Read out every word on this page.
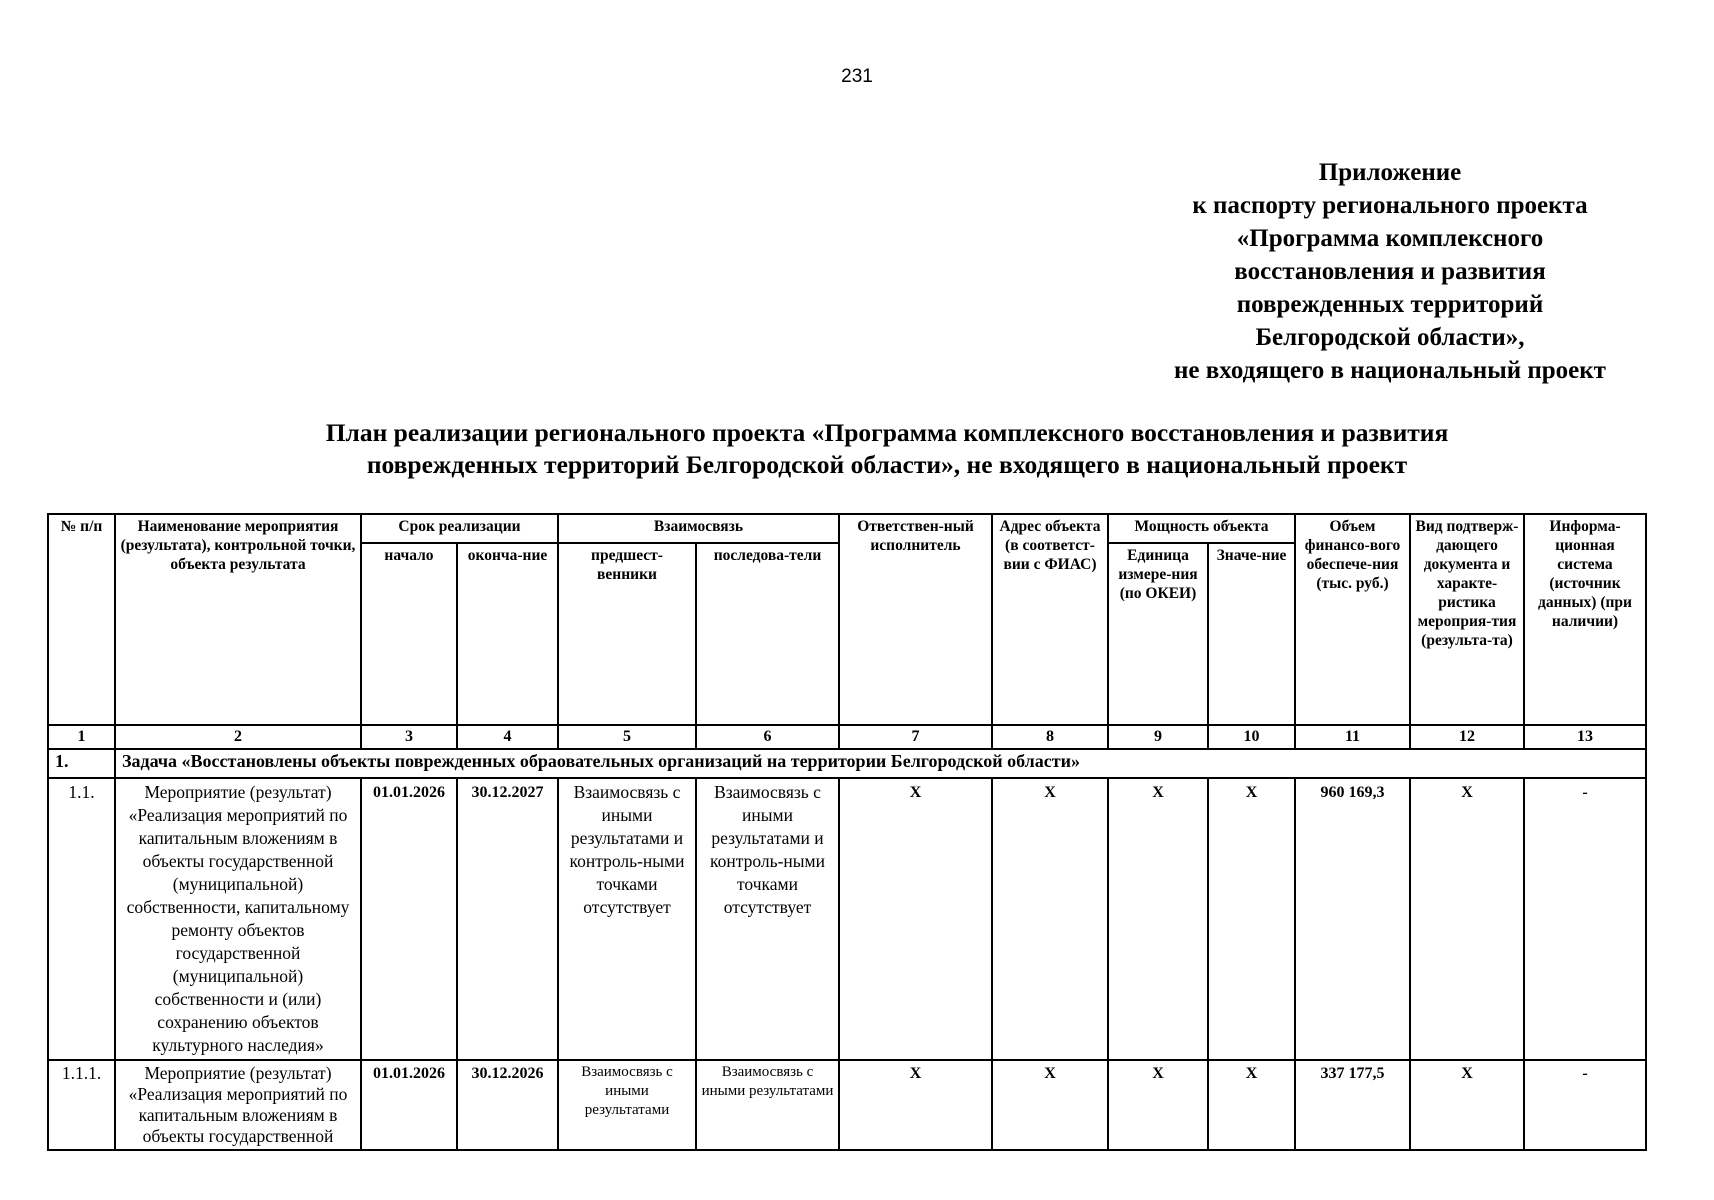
231
Приложение
к паспорту регионального проекта
«Программа комплексного
восстановления и развития
поврежденных территорий
Белгородской области»,
не входящего в национальный проект
План реализации регионального проекта «Программа комплексного восстановления и развития
поврежденных территорий Белгородской области», не входящего в национальный проект
№ п/п	Наименование мероприятия (результата), контрольной точки, объекта результата	Срок реализации		Взаимосвязь		Ответствен-ный исполнитель	Адрес объекта (в соответст-вии с ФИАС)	Мощность объекта		Объем финансо-вого обеспече-ния (тыс. руб.)	Вид подтверж-дающего документа и характе-ристика мероприя-тия (результа-та)	Информа-ционная система (источник данных) (при наличии)
		начало	оконча-ние	предшест-венники	последова-тели			Единица измере-ния (по ОКЕИ)	Значе-ние			
1	2	3	4	5	6	7	8	9	10	11	12	13
1.	Задача «Восстановлены объекты поврежденных обраовательных организаций на территории Белгородской области»											
1.1.	Мероприятие (результат) «Реализация мероприятий по капитальным вложениям в объекты государственной (муниципальной) собственности, капитальному ремонту объектов государственной (муниципальной) собственности и (или) сохранению объектов культурного наследия»	01.01.2026	30.12.2027	Взаимосвязь с иными результатами и контроль-ными точками отсутствует	Взаимосвязь с иными результатами и контроль-ными точками отсутствует	X	X	X	X	960 169,3	X	-
1.1.1.	Мероприятие (результат) «Реализация мероприятий по капитальным вложениям в объекты государственной	01.01.2026	30.12.2026	Взаимосвязь с иными результатами	Взаимосвязь с иными результатами	X	X	X	X	337 177,5	X	-
